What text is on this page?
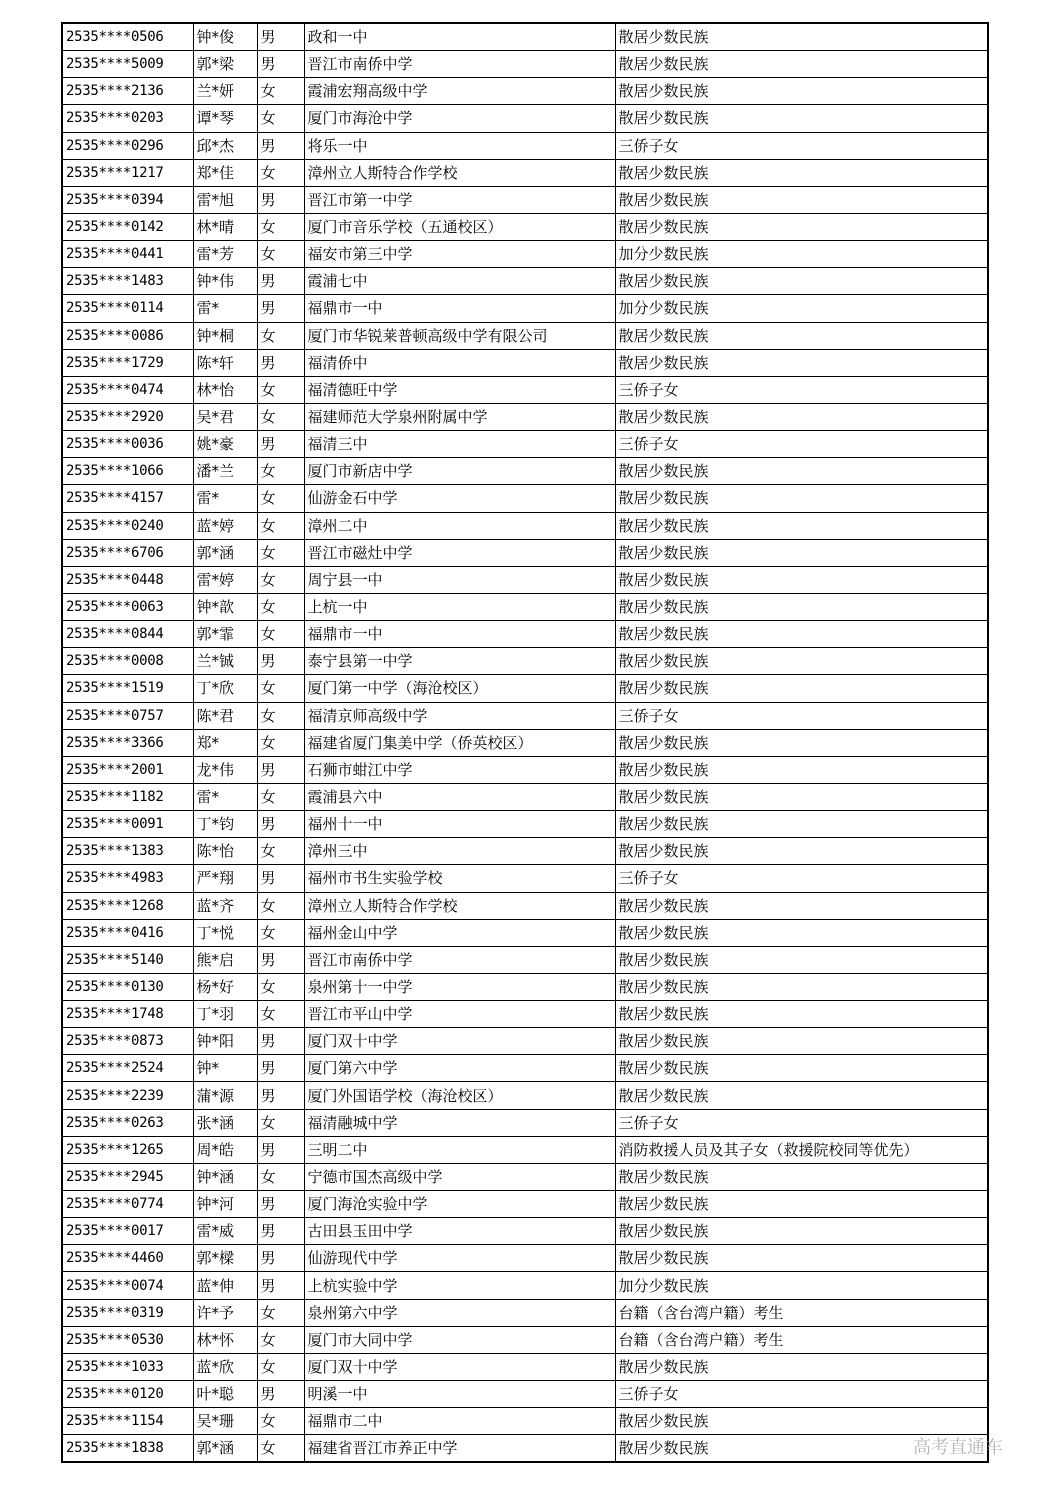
2535****0506	钟*俊	男	政和一中	散居少数民族
2535****5009	郭*梁	男	晋江市南侨中学	散居少数民族
2535****2136	兰*妍	女	霞浦宏翔高级中学	散居少数民族
2535****0203	谭*琴	女	厦门市海沧中学	散居少数民族
2535****0296	邱*杰	男	将乐一中	三侨子女
2535****1217	郑*佳	女	漳州立人斯特合作学校	散居少数民族
2535****0394	雷*旭	男	晋江市第一中学	散居少数民族
2535****0142	林*晴	女	厦门市音乐学校（五通校区）	散居少数民族
2535****0441	雷*芳	女	福安市第三中学	加分少数民族
2535****1483	钟*伟	男	霞浦七中	散居少数民族
2535****0114	雷*	男	福鼎市一中	加分少数民族
2535****0086	钟*桐	女	厦门市华锐莱普顿高级中学有限公司	散居少数民族
2535****1729	陈*轩	男	福清侨中	散居少数民族
2535****0474	林*怡	女	福清德旺中学	三侨子女
2535****2920	吴*君	女	福建师范大学泉州附属中学	散居少数民族
2535****0036	姚*豪	男	福清三中	三侨子女
2535****1066	潘*兰	女	厦门市新店中学	散居少数民族
2535****4157	雷*	女	仙游金石中学	散居少数民族
2535****0240	蓝*婷	女	漳州二中	散居少数民族
2535****6706	郭*涵	女	晋江市磁灶中学	散居少数民族
2535****0448	雷*婷	女	周宁县一中	散居少数民族
2535****0063	钟*歆	女	上杭一中	散居少数民族
2535****0844	郭*霏	女	福鼎市一中	散居少数民族
2535****0008	兰*铖	男	泰宁县第一中学	散居少数民族
2535****1519	丁*欣	女	厦门第一中学（海沧校区）	散居少数民族
2535****0757	陈*君	女	福清京师高级中学	三侨子女
2535****3366	郑*	女	福建省厦门集美中学（侨英校区）	散居少数民族
2535****2001	龙*伟	男	石狮市蚶江中学	散居少数民族
2535****1182	雷*	女	霞浦县六中	散居少数民族
2535****0091	丁*钧	男	福州十一中	散居少数民族
2535****1383	陈*怡	女	漳州三中	散居少数民族
2535****4983	严*翔	男	福州市书生实验学校	三侨子女
2535****1268	蓝*齐	女	漳州立人斯特合作学校	散居少数民族
2535****0416	丁*悦	女	福州金山中学	散居少数民族
2535****5140	熊*启	男	晋江市南侨中学	散居少数民族
2535****0130	杨*好	女	泉州第十一中学	散居少数民族
2535****1748	丁*羽	女	晋江市平山中学	散居少数民族
2535****0873	钟*阳	男	厦门双十中学	散居少数民族
2535****2524	钟*	男	厦门第六中学	散居少数民族
2535****2239	蒲*源	男	厦门外国语学校（海沧校区）	散居少数民族
2535****0263	张*涵	女	福清融城中学	三侨子女
2535****1265	周*皓	男	三明二中	消防救援人员及其子女（救援院校同等优先）
2535****2945	钟*涵	女	宁德市国杰高级中学	散居少数民族
2535****0774	钟*河	男	厦门海沧实验中学	散居少数民族
2535****0017	雷*威	男	古田县玉田中学	散居少数民族
2535****4460	郭*樑	男	仙游现代中学	散居少数民族
2535****0074	蓝*伸	男	上杭实验中学	加分少数民族
2535****0319	许*予	女	泉州第六中学	台籍（含台湾户籍）考生
2535****0530	林*怀	女	厦门市大同中学	台籍（含台湾户籍）考生
2535****1033	蓝*欣	女	厦门双十中学	散居少数民族
2535****0120	叶*聪	男	明溪一中	三侨子女
2535****1154	吴*珊	女	福鼎市二中	散居少数民族
2535****1838	郭*涵	女	福建省晋江市养正中学	散居少数民族	高考直通车
